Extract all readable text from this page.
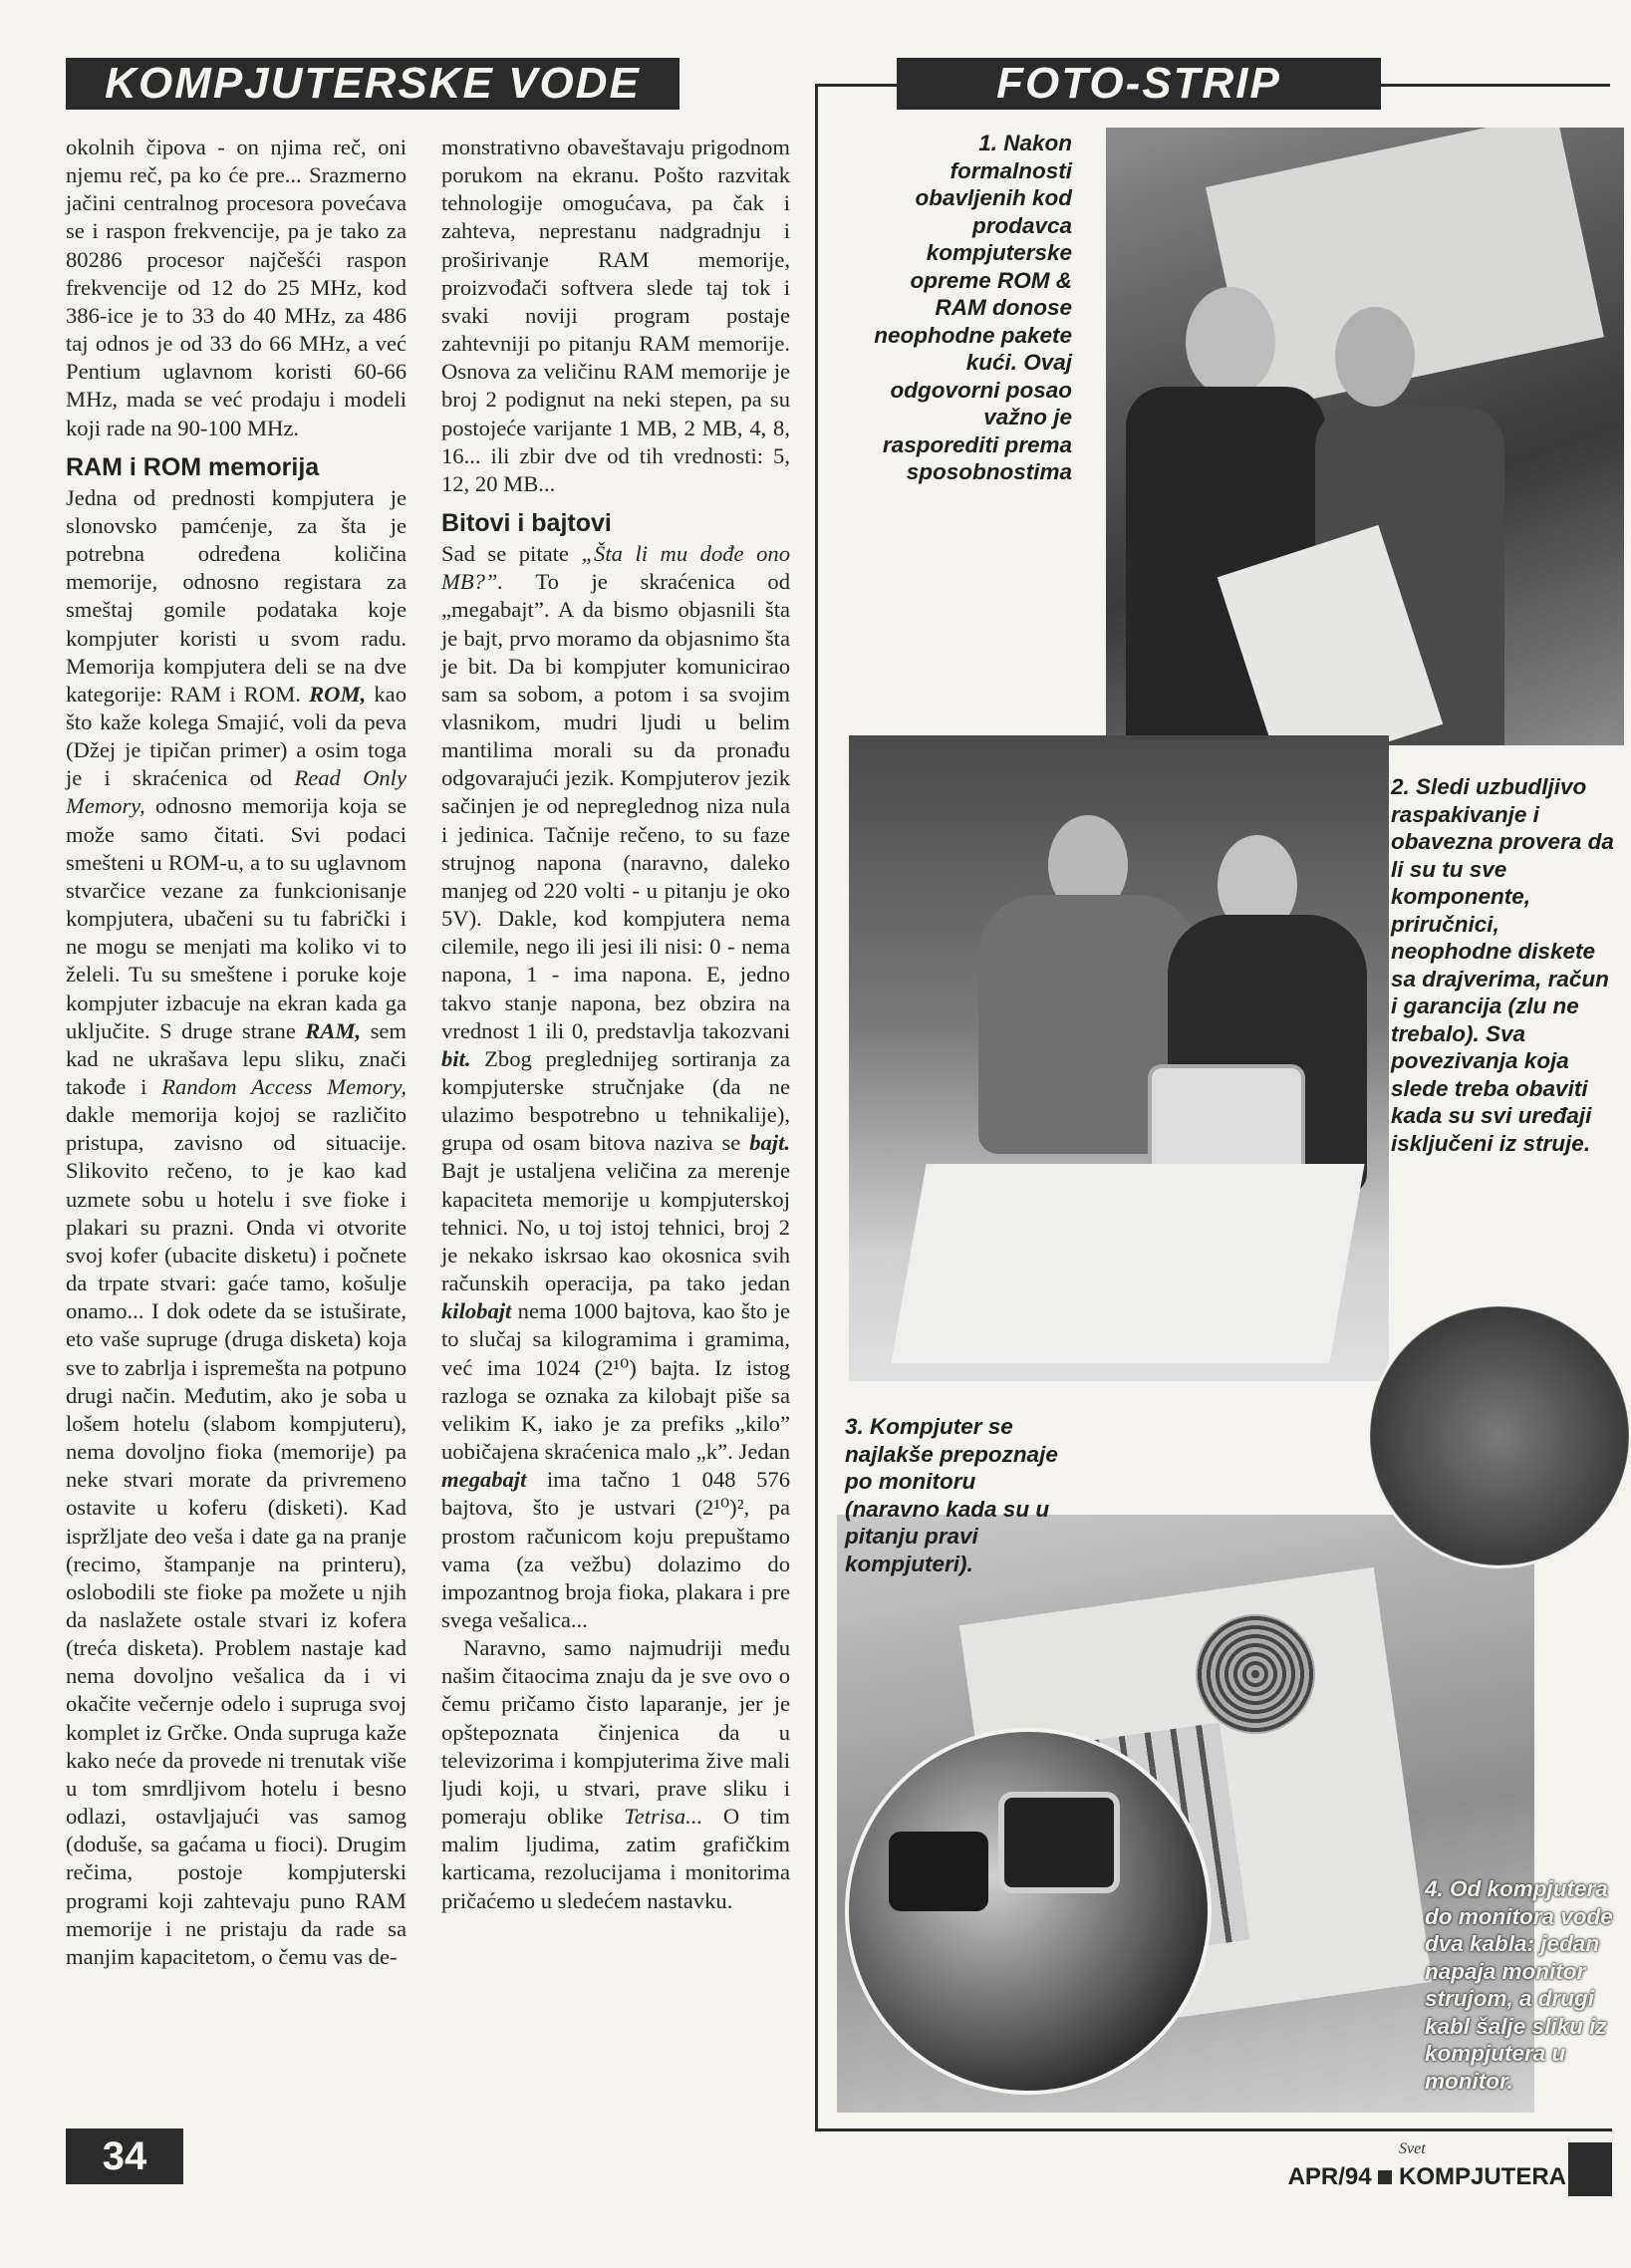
KOMPJUTERSKE VODE	FOTO-STRIP

okolnih čipova - on njima reč, oni njemu reč, pa ko će pre... Srazmerno jačini centralnog procesora povećava se i raspon frekvencije, pa je tako za 80286 procesor najčešći raspon frekvencije od 12 do 25 MHz, kod 386-ice je to 33 do 40 MHz, za 486 taj odnos je od 33 do 66 MHz, a već Pentium uglavnom koristi 60-66 MHz, mada se već prodaju i modeli koji rade na 90-100 MHz.

RAM i ROM memorija

Jedna od prednosti kompjutera je slonovsko pamćenje, za šta je potrebna određena količina memorije, odnosno registara za smeštaj gomile podataka koje kompjuter koristi u svom radu. Memorija kompjutera deli se na dve kategorije: RAM i ROM. ROM, kao što kaže kolega Smajić, voli da peva (Džej je tipičan primer) a osim toga je i skraćenica od Read Only Memory, odnosno memorija koja se može samo čitati. Svi podaci smešteni u ROM-u, a to su uglavnom stvarčice vezane za funkcionisanje kompjutera, ubačeni su tu fabrički i ne mogu se menjati ma koliko vi to želeli. Tu su smeštene i poruke koje kompjuter izbacuje na ekran kada ga uključite. S druge strane RAM, sem kad ne ukrašava lepu sliku, znači takođe i Random Access Memory, dakle memorija kojoj se različito pristupa, zavisno od situacije. Slikovito rečeno, to je kao kad uzmete sobu u hotelu i sve fioke i plakari su prazni. Onda vi otvorite svoj kofer (ubacite disketu) i počnete da trpate stvari: gaće tamo, košulje onamo... I dok odete da se istuširate, eto vaše supruge (druga disketa) koja sve to zabrlja i ispremešta na potpuno drugi način. Međutim, ako je soba u lošem hotelu (slabom kompjuteru), nema dovoljno fioka (memorije) pa neke stvari morate da privremeno ostavite u koferu (disketi). Kad ispržljate deo veša i date ga na pranje (recimo, štampanje na printeru), oslobodili ste fioke pa možete u njih da naslažete ostale stvari iz kofera (treća disketa). Problem nastaje kad nema dovoljno vešalica da i vi okačite večernje odelo i supruga svoj komplet iz Grčke. Onda supruga kaže kako neće da provede ni trenutak više u tom smrdljivom hotelu i besno odlazi, ostavljajući vas samog (doduše, sa gaćama u fioci). Drugim rečima, postoje kompjuterski programi koji zahtevaju puno RAM memorije i ne pristaju da rade sa manjim kapacitetom, o čemu vas de-

monstrativno obaveštavaju prigodnom porukom na ekranu. Pošto razvitak tehnologije omogućava, pa čak i zahteva, neprestanu nadgradnju i proširivanje RAM memorije, proizvođači softvera slede taj tok i svaki noviji program postaje zahtevniji po pitanju RAM memorije. Osnova za veličinu RAM memorije je broj 2 podignut na neki stepen, pa su postojeće varijante 1 MB, 2 MB, 4, 8, 16... ili zbir dve od tih vrednosti: 5, 12, 20 MB...

Bitovi i bajtovi

Sad se pitate „Šta li mu dođe ono MB?”. To je skraćenica od „megabajt”. A da bismo objasnili šta je bajt, prvo moramo da objasnimo šta je bit. Da bi kompjuter komunicirao sam sa sobom, a potom i sa svojim vlasnikom, mudri ljudi u belim mantilima morali su da pronađu odgovarajući jezik. Kompjuterov jezik sačinjen je od nepreglednog niza nula i jedinica. Tačnije rečeno, to su faze strujnog napona (naravno, daleko manjeg od 220 volti - u pitanju je oko 5V). Dakle, kod kompjutera nema cilemile, nego ili jesi ili nisi: 0 - nema napona, 1 - ima napona. E, jedno takvo stanje napona, bez obzira na vrednost 1 ili 0, predstavlja takozvani bit. Zbog preglednijeg sortiranja za kompjuterske stručnjake (da ne ulazimo bespotrebno u tehnikalije), grupa od osam bitova naziva se bajt. Bajt je ustaljena veličina za merenje kapaciteta memorije u kompjuterskoj tehnici. No, u toj istoj tehnici, broj 2 je nekako iskrsao kao okosnica svih računskih operacija, pa tako jedan kilobajt nema 1000 bajtova, kao što je to slučaj sa kilogramima i gramima, već ima 1024 (2¹⁰) bajta. Iz istog razloga se oznaka za kilobajt piše sa velikim K, iako je za prefiks „kilo” uobičajena skraćenica malo „k”. Jedan megabajt ima tačno 1 048 576 bajtova, što je ustvari (2¹⁰)², pa prostom računicom koju prepuštamo vama (za vežbu) dolazimo do impozantnog broja fioka, plakara i pre svega vešalica...

Naravno, samo najmudriji među našim čitaocima znaju da je sve ovo o čemu pričamo čisto laparanje, jer je opštepoznata činjenica da u televizorima i kompjuterima žive mali ljudi koji, u stvari, prave sliku i pomeraju oblike Tetrisa... O tim malim ljudima, zatim grafičkim karticama, rezolucijama i monitorima pričaćemo u sledećem nastavku.

1. Nakon formalnosti obavljenih kod prodavca kompjuterske opreme ROM & RAM donose neophodne pakete kući. Ovaj odgovorni posao važno je rasporediti prema sposobnostima
2. Sledi uzbudljivo raspakivanje i obavezna provera da li su tu sve komponente, priručnici, neophodne diskete sa drajverima, račun i garancija (zlu ne trebalo). Sva povezivanja koja slede treba obaviti kada su svi uređaji isključeni iz struje.
3. Kompjuter se najlakše prepoznaje po monitoru (naravno kada su u pitanju pravi kompjuteri).
4. Od kompjutera do monitora vode dva kabla: jedan napaja monitor strujom, a drugi kabl šalje sliku iz kompjutera u monitor.
34	Svet
APR/94 KOMPJUTERA
